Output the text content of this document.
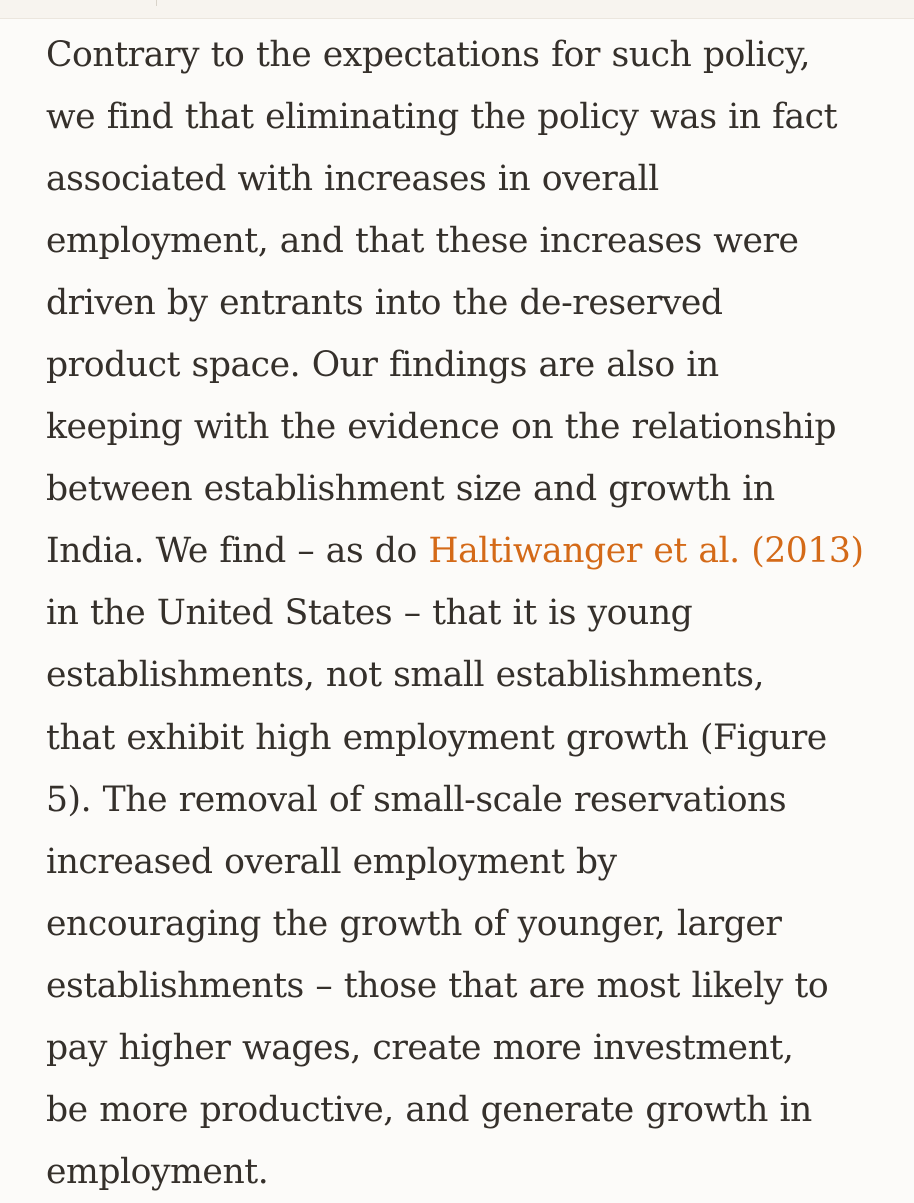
Contrary to the expectations for such policy,
we find that eliminating the policy was in fact
associated with increases in overall
employment, and that these increases were
driven by entrants into the de-reserved
product space. Our findings are also in
keeping with the evidence on the relationship
between establishment size and growth in
India. We find – as do Haltiwanger et al. (2013)
in the United States – that it is young
establishments, not small establishments,
that exhibit high employment growth (Figure
5). The removal of small-scale reservations
increased overall employment by
encouraging the growth of younger, larger
establishments – those that are most likely to
pay higher wages, create more investment,
be more productive, and generate growth in
employment.
